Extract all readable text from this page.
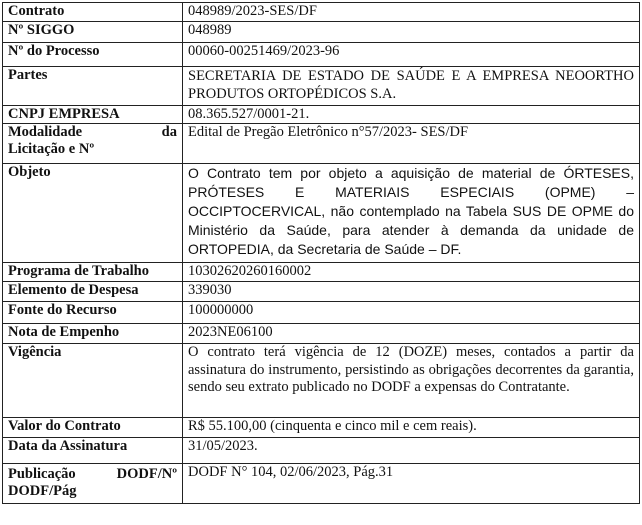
Contrato	048989/2023-SES/DF
Nº SIGGO	048989
Nº do Processo	00060-00251469/2023-96
Partes	SECRETARIA DE ESTADO DE SAÚDE E A EMPRESA NEOORTHO PRODUTOS ORTOPÉDICOS S.A.
CNPJ EMPRESA	08.365.527/0001-21.

Modalidade da
Licitação e Nº	Edital de Pregão Eletrônico n°57/2023- SES/DF
Objeto	O Contrato tem por objeto a aquisição de material de ÓRTESES, PRÓTESES E MATERIAIS ESPECIAIS (OPME) – OCCIPTOCERVICAL, não contemplado na Tabela SUS DE OPME do Ministério da Saúde, para atender à demanda da unidade de ORTOPEDIA, da Secretaria de Saúde – DF.
Programa de Trabalho	10302620260160002
Elemento de Despesa	339030
Fonte do Recurso	100000000
Nota de Empenho	2023NE06100
Vigência	O contrato terá vigência de 12 (DOZE) meses, contados a partir da assinatura do instrumento, persistindo as obrigações decorrentes da garantia, sendo seu extrato publicado no DODF a expensas do Contratante.
Valor do Contrato	R$ 55.100,00 (cinquenta e cinco mil e cem reais).
Data da Assinatura	31/05/2023.

Publicação DODF/Nº
DODF/Pág	DODF N° 104, 02/06/2023, Pág.31
